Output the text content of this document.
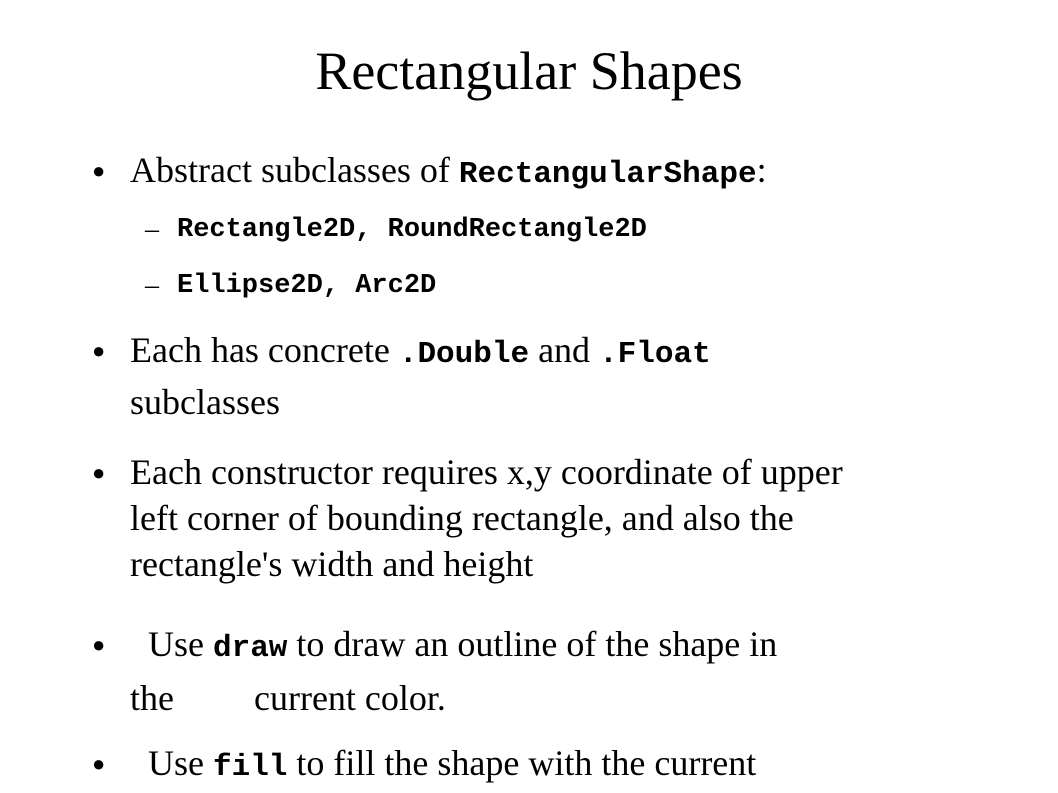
Rectangular Shapes
● Abstract subclasses of RectangularShape:
– Rectangle2D, RoundRectangle2D
– Ellipse2D, Arc2D
● Each has concrete .Double and .Float
subclasses
● Each constructor requires x,y coordinate of upper
left corner of bounding rectangle, and also the
rectangle's width and height
● Use draw to draw an outline of the shape in
the current color.
● Use fill to fill the shape with the current
